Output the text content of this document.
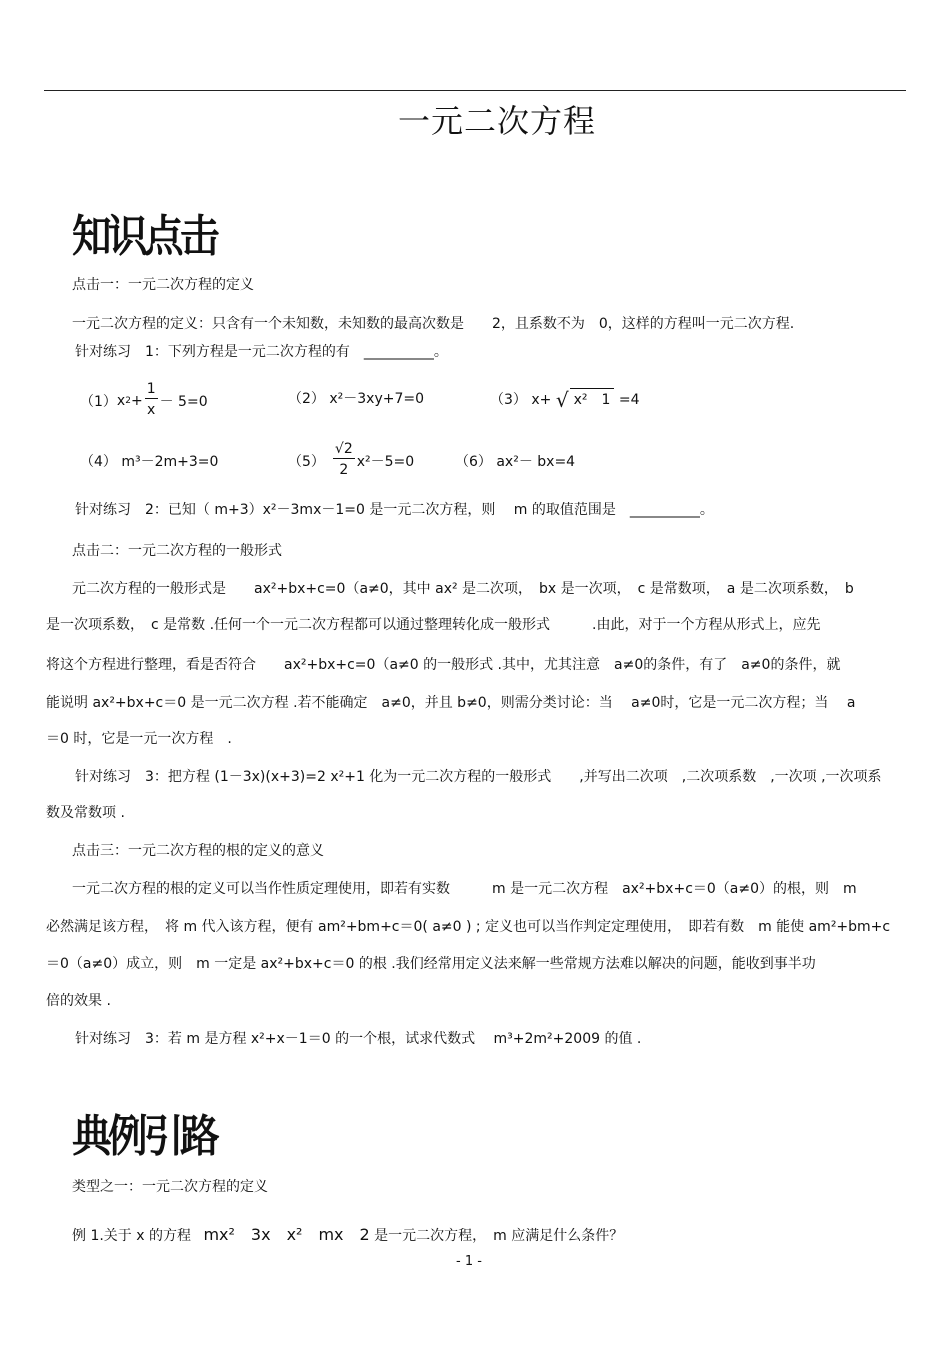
一元二次方程
知识点击
点击一：一元二次方程的定义
一元二次方程的定义：只含有一个未知数，未知数的最高次数是　　2，且系数不为　0，这样的方程叫一元二次方程.
针对练习　1：下列方程是一元二次方程的有　__________。
（1） x $2 + \frac{1}{x} - 5=0$	（2） x²－3xy+7=0	（3） x+ √ x²　1 =4
（4） m³－2m+3=0	$(5) \frac{√2}{2} x^2-5=0$	（6） ax²－ bx=4
针对练习　2：已知（ m+3）x²－3mx－1=0 是一元二次方程，则　 m 的取值范围是　__________。
点击二：一元二次方程的一般形式
元二次方程的一般形式是　　ax²+bx+c=0（a≠0，其中 ax² 是二次项，　bx 是一次项，　c 是常数项，　a 是二次项系数，　b
是一次项系数，　c 是常数 .任何一个一元二次方程都可以通过整理转化成一般形式　　　.由此，对于一个方程从形式上，应先
将这个方程进行整理，看是否符合　　ax²+bx+c=0（a≠0 的一般形式 .其中，尤其注意　a≠0的条件，有了　a≠0的条件，就
能说明 ax²+bx+c＝0 是一元二次方程 .若不能确定　a≠0，并且 b≠0，则需分类讨论：当　 a≠0时，它是一元二次方程；当　 a
＝0 时，它是一元一次方程　.
针对练习　3：把方程 (1－3x)(x+3)=2 x²+1 化为一元二次方程的一般形式　　,并写出二次项　,二次项系数　,一次项 ,一次项系
数及常数项 .
点击三：一元二次方程的根的定义的意义
一元二次方程的根的定义可以当作性质定理使用，即若有实数　　　m 是一元二次方程　ax²+bx+c＝0（a≠0）的根，则　m
必然满足该方程，　将 m 代入该方程，便有 am²+bm+c＝0( a≠0 ) ; 定义也可以当作判定定理使用，　即若有数　m 能使 am²+bm+c
＝0（a≠0）成立，则　m 一定是 ax²+bx+c＝0 的根 .我们经常用定义法来解一些常规方法难以解决的问题，能收到事半功
倍的效果 .
针对练习　3：若 m 是方程 x²+x－1＝0 的一个根，试求代数式　 m³+2m²+2009 的值 .
典例引路
类型之一：一元二次方程的定义
例 1.关于 x 的方程 mx²　3x　x²　mx　2 是一元二次方程，　m 应满足什么条件？
- 1 -
